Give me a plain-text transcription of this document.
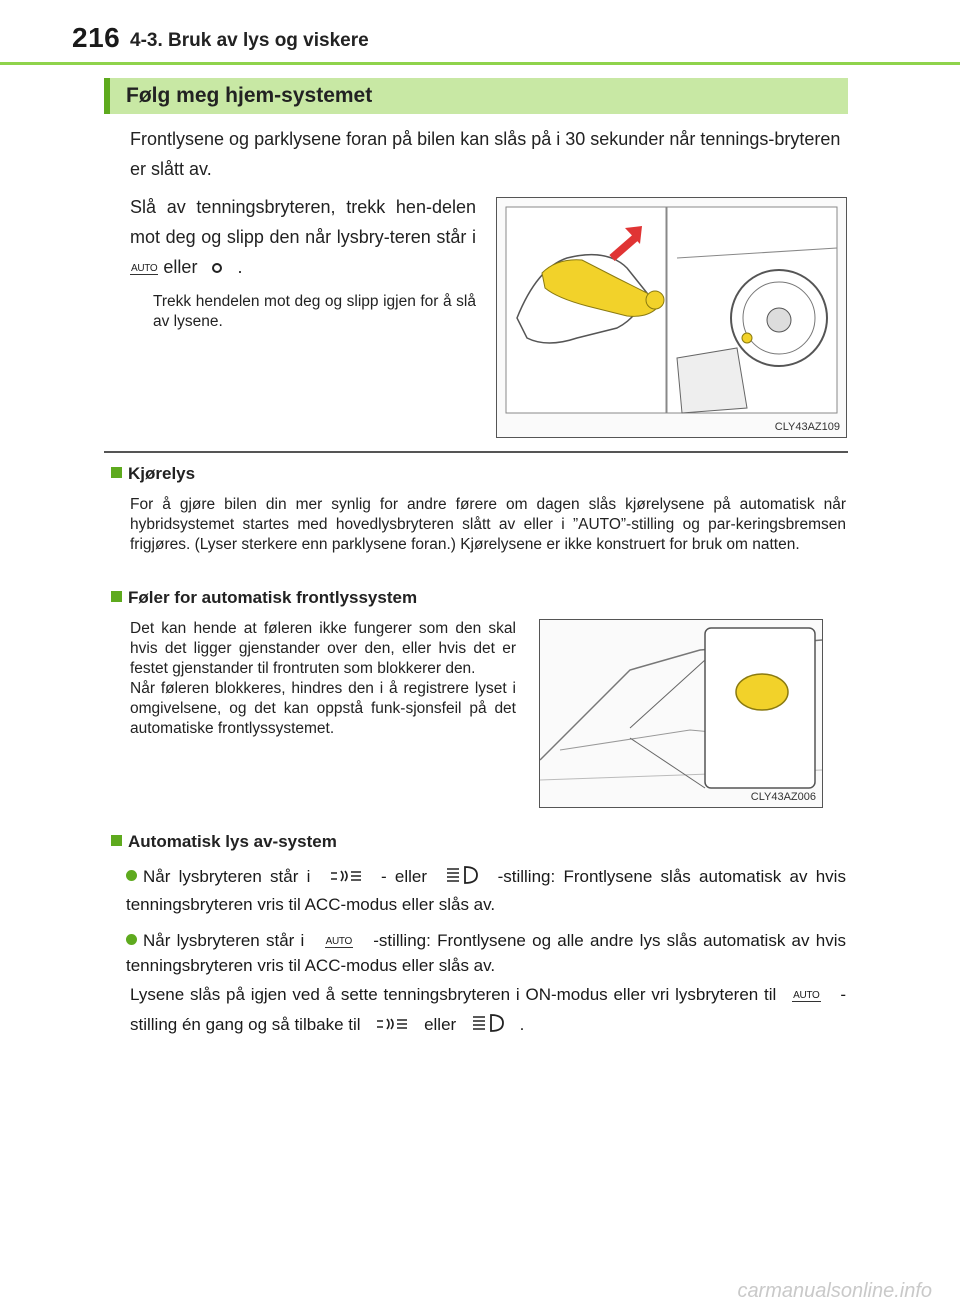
216 4-3. Bruk av lys og viskere
Følg meg hjem-systemet
Frontlysene og parklysene foran på bilen kan slås på i 30 sekunder når tennings-bryteren er slått av.
Slå av tenningsbryteren, trekk hen-delen mot deg og slipp den når lysbry-teren står i AUTO eller .
Trekk hendelen mot deg og slipp igjen for å slå av lysene.
CLY43AZ109
Kjørelys
For å gjøre bilen din mer synlig for andre førere om dagen slås kjørelysene på automatisk når hybridsystemet startes med hovedlysbryteren slått av eller i ”AUTO”-stilling og par-keringsbremsen frigjøres. (Lyser sterkere enn parklysene foran.) Kjørelysene er ikke konstruert for bruk om natten.
Føler for automatisk frontlyssystem
Det kan hende at føleren ikke fungerer som den skal hvis det ligger gjenstander over den, eller hvis det er festet gjenstander til frontruten som blokkerer den.
Når føleren blokkeres, hindres den i å registrere lyset i omgivelsene, og det kan oppstå funk-sjonsfeil på det automatiske frontlyssystemet.
CLY43AZ006
Automatisk lys av-system
Når lysbryteren står i	- eller	-stilling: Frontlysene slås automatisk av hvis tenningsbryteren vris til ACC-modus eller slås av.
Når lysbryteren står i AUTO -stilling: Frontlysene og alle andre lys slås automatisk av hvis tenningsbryteren vris til ACC-modus eller slås av.
Lysene slås på igjen ved å sette tenningsbryteren i ON-modus eller vri lysbryteren til AUTO -stilling én gang og så tilbake til	eller	.
carmanualsonline.info
